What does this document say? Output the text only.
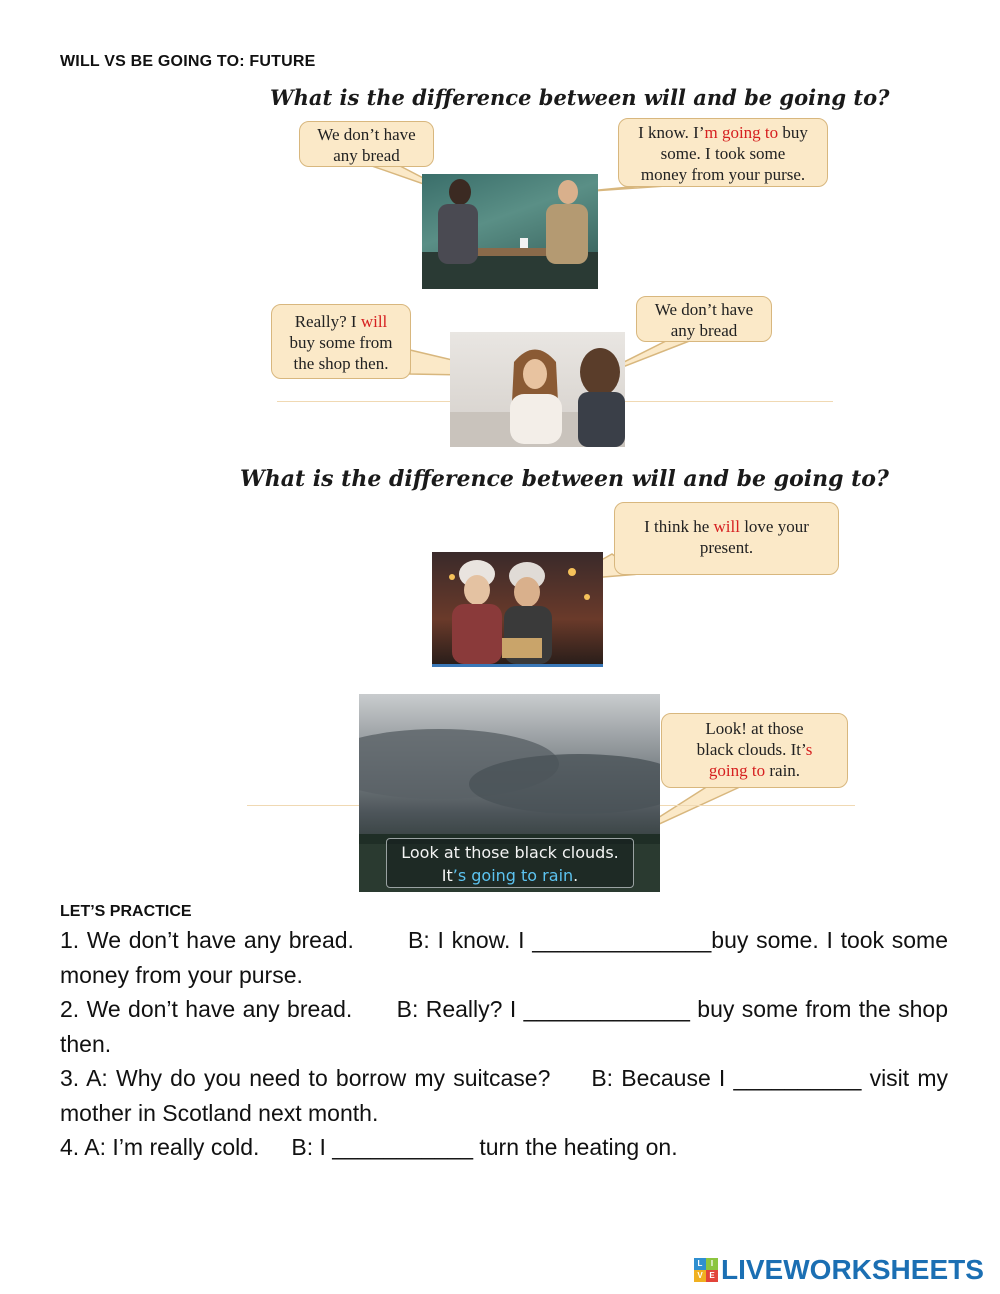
WILL VS BE GOING TO: FUTURE
What is the difference between will and be going to?
We don’t have
any bread
I know. I’m going to buy
some. I took some
money from your purse.
Really? I will
buy some from
the shop then.
We don’t have
any bread
What is the difference between will and be going to?
I think he will love your
present.
Look at those black clouds.
It’s going to rain.
Look! at those
black clouds. It’s
going to rain.
LET’S PRACTICE
1. We don’t have any bread. B: I know. I ______________buy some. I took some money from your purse.
2. We don’t have any bread. B: Really? I _____________ buy some from the shop then.
3. A: Why do you need to borrow my suitcase? B: Because I __________ visit my mother in Scotland next month.
4. A: I’m really cold. B: I ___________ turn the heating on.
L	I
V E LIVEWORKSHEETS
